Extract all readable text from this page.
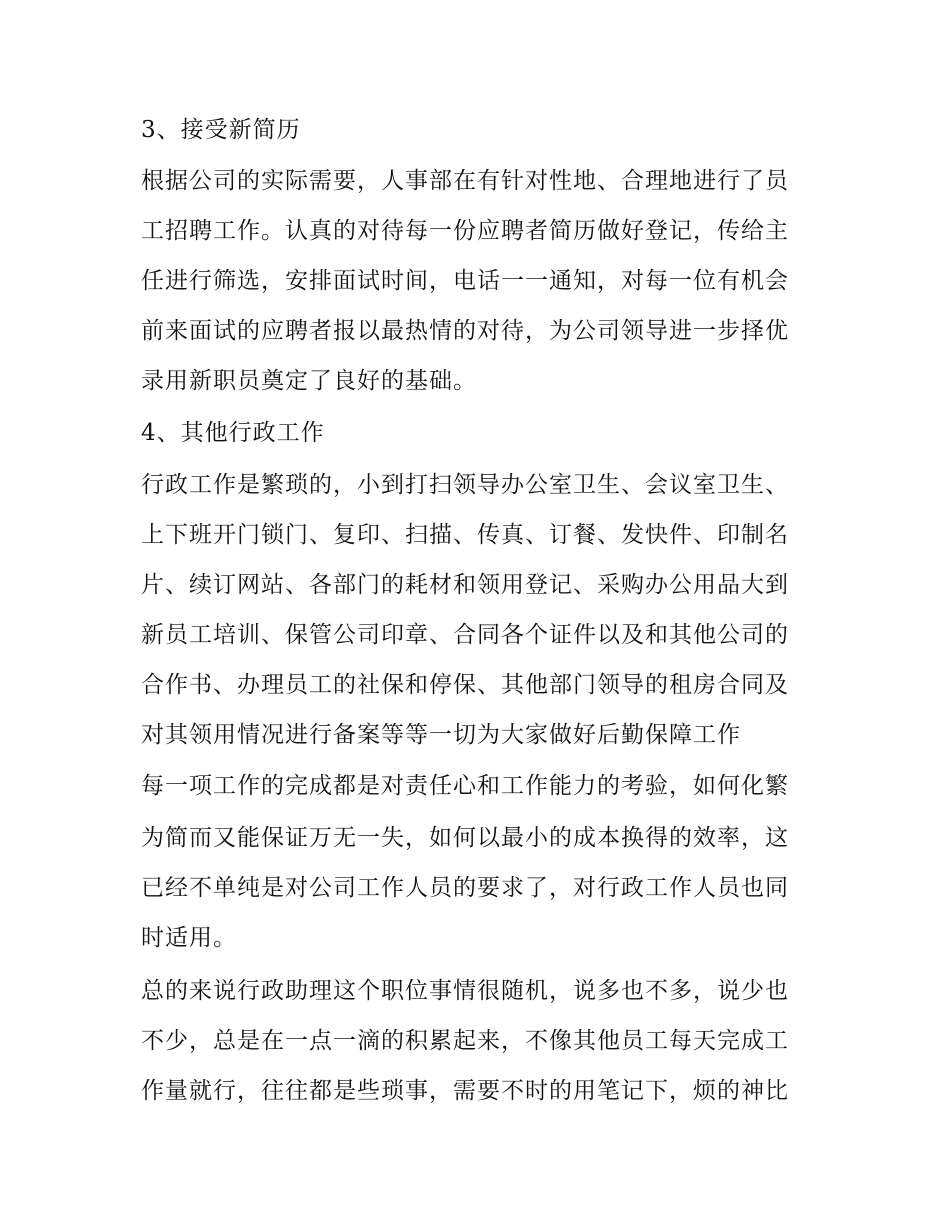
3、接受新简历
根据公司的实际需要，人事部在有针对性地、合理地进行了员
工招聘工作。认真的对待每一份应聘者简历做好登记，传给主
任进行筛选，安排面试时间，电话一一通知，对每一位有机会
前来面试的应聘者报以最热情的对待，为公司领导进一步择优
录用新职员奠定了良好的基础。
4、其他行政工作
行政工作是繁琐的，小到打扫领导办公室卫生、会议室卫生、
上下班开门锁门、复印、扫描、传真、订餐、发快件、印制名
片、续订网站、各部门的耗材和领用登记、采购办公用品大到
新员工培训、保管公司印章、合同各个证件以及和其他公司的
合作书、办理员工的社保和停保、其他部门领导的租房合同及
对其领用情况进行备案等等一切为大家做好后勤保障工作
每一项工作的完成都是对责任心和工作能力的考验，如何化繁
为简而又能保证万无一失，如何以最小的成本换得的效率，这
已经不单纯是对公司工作人员的要求了，对行政工作人员也同
时适用。
总的来说行政助理这个职位事情很随机，说多也不多，说少也
不少，总是在一点一滴的积累起来，不像其他员工每天完成工
作量就行，往往都是些琐事，需要不时的用笔记下，烦的神比
